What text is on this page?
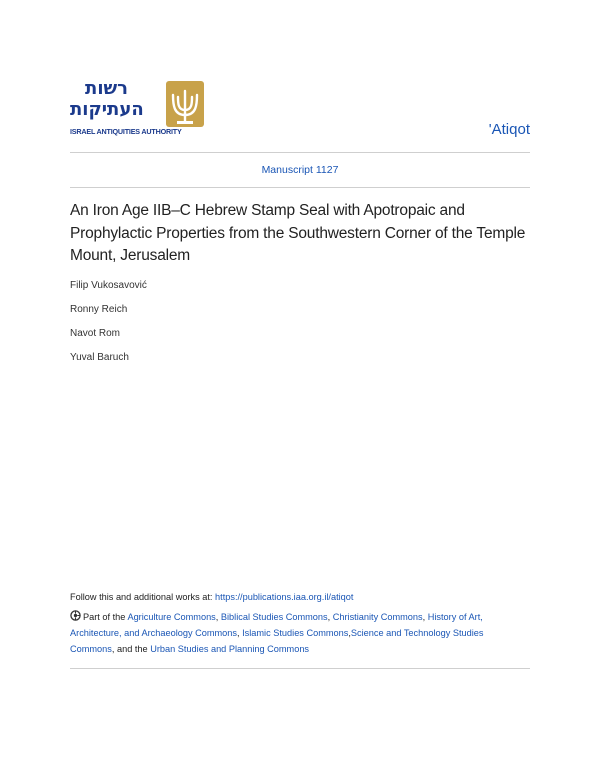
רשות
העתיקות
ISRAEL ANTIQUITIES AUTHORITY	'Atiqot
Manuscript 1127
An Iron Age IIB–C Hebrew Stamp Seal with Apotropaic and Prophylactic Properties from the Southwestern Corner of the Temple Mount, Jerusalem
Filip Vukosavović
Ronny Reich
Navot Rom
Yuval Baruch
Follow this and additional works at: https://publications.iaa.org.il/atiqot
Part of the Agriculture Commons, Biblical Studies Commons, Christianity Commons, History of Art, Architecture, and Archaeology Commons, Islamic Studies Commons,Science and Technology Studies Commons, and the Urban Studies and Planning Commons
